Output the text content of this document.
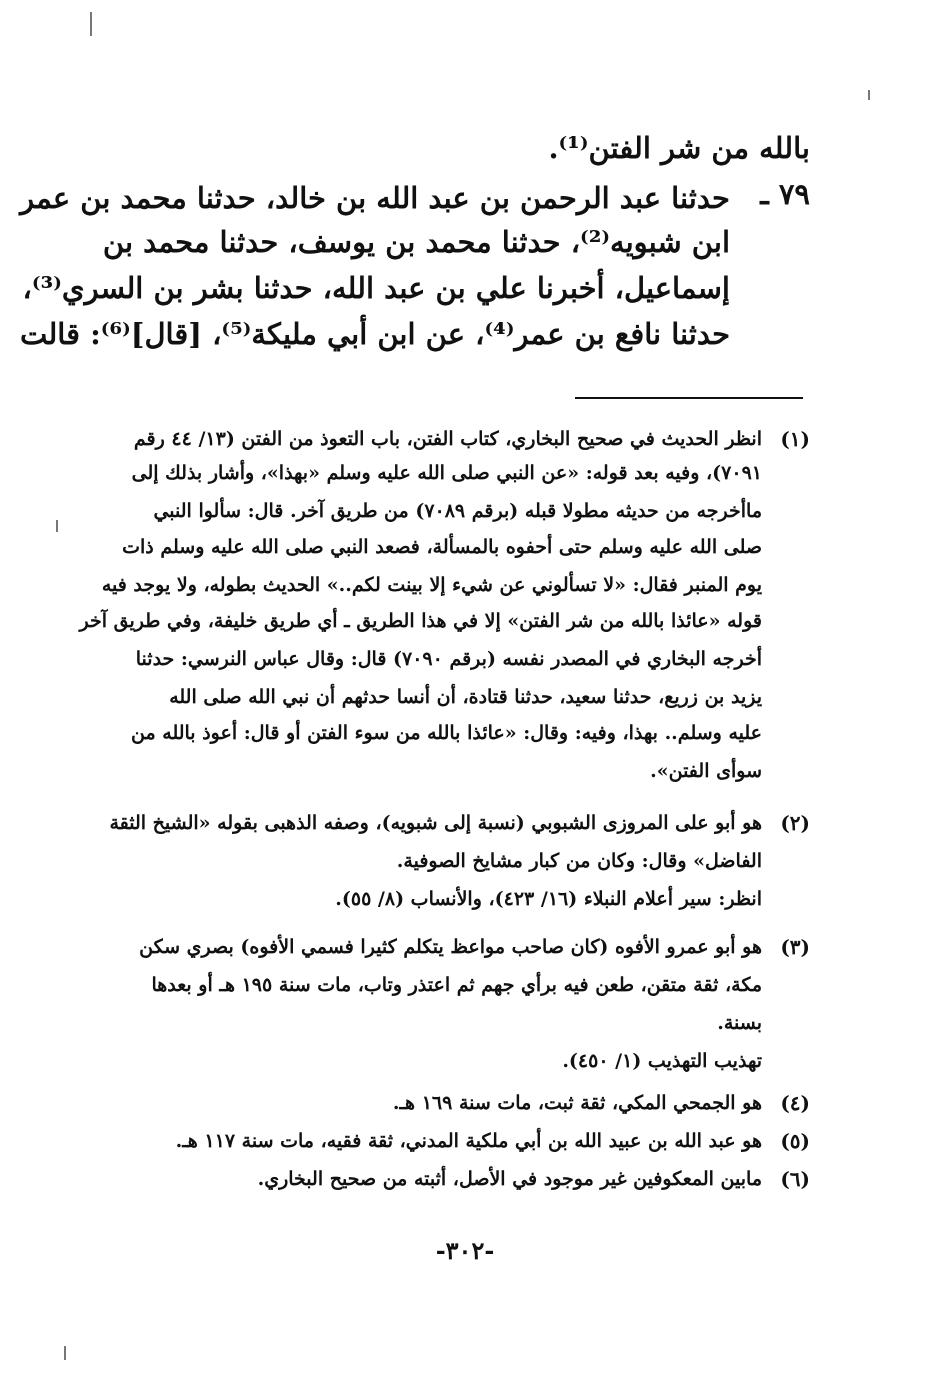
بالله من شر الفتن⁽¹⁾.
٧٩ ـ
حدثنا عبد الرحمن بن عبد الله بن خالد، حدثنا محمد بن عمر
ابن شبويه⁽²⁾، حدثنا محمد بن يوسف، حدثنا محمد بن
إسماعيل، أخبرنا علي بن عبد الله، حدثنا بشر بن السري⁽³⁾،
حدثنا نافع بن عمر⁽⁴⁾، عن ابن أبي مليكة⁽⁵⁾، [قال]⁽⁶⁾: قالت
(١)
انظر الحديث في صحيح البخاري، كتاب الفتن، باب التعوذ من الفتن (١٣/ ٤٤ رقم
٧٠٩١)، وفيه بعد قوله: «عن النبي صلى الله عليه وسلم «بهذا»، وأشار بذلك إلى
ماأخرجه من حديثه مطولا قبله (برقم ٧٠٨٩) من طريق آخر. قال: سألوا النبي
صلى الله عليه وسلم حتى أحفوه بالمسألة، فصعد النبي صلى الله عليه وسلم ذات
يوم المنبر فقال: «لا تسألوني عن شيء إلا بينت لكم..» الحديث بطوله، ولا يوجد فيه
قوله «عائذا بالله من شر الفتن» إلا في هذا الطريق ـ أي طريق خليفة، وفي طريق آخر
أخرجه البخاري في المصدر نفسه (برقم ٧٠٩٠) قال: وقال عباس النرسي: حدثنا
يزيد بن زريع، حدثنا سعيد، حدثنا قتادة، أن أنسا حدثهم أن نبي الله صلى الله
عليه وسلم.. بهذا، وفيه: وقال: «عائذا بالله من سوء الفتن أو قال: أعوذ بالله من
سوأى الفتن».
(٢)
هو أبو على المروزى الشبوبي (نسبة إلى شبويه)، وصفه الذهبى بقوله «الشيخ الثقة
الفاضل» وقال: وكان من كبار مشايخ الصوفية.
انظر: سير أعلام النبلاء (١٦/ ٤٢٣)، والأنساب (٨/ ٥٥).
(٣)
هو أبو عمرو الأفوه (كان صاحب مواعظ يتكلم كثيرا فسمي الأفوه) بصري سكن
مكة، ثقة متقن، طعن فيه برأي جهم ثم اعتذر وتاب، مات سنة ١٩٥ هـ أو بعدها
بسنة.
تهذيب التهذيب (١/ ٤٥٠).
(٤)
هو الجمحي المكي، ثقة ثبت، مات سنة ١٦٩ هـ.
(٥)
هو عبد الله بن عبيد الله بن أبي ملكية المدني، ثقة فقيه، مات سنة ١١٧ هـ.
(٦)
مابين المعكوفين غير موجود في الأصل، أثبته من صحيح البخاري.
-٣٠٢-
